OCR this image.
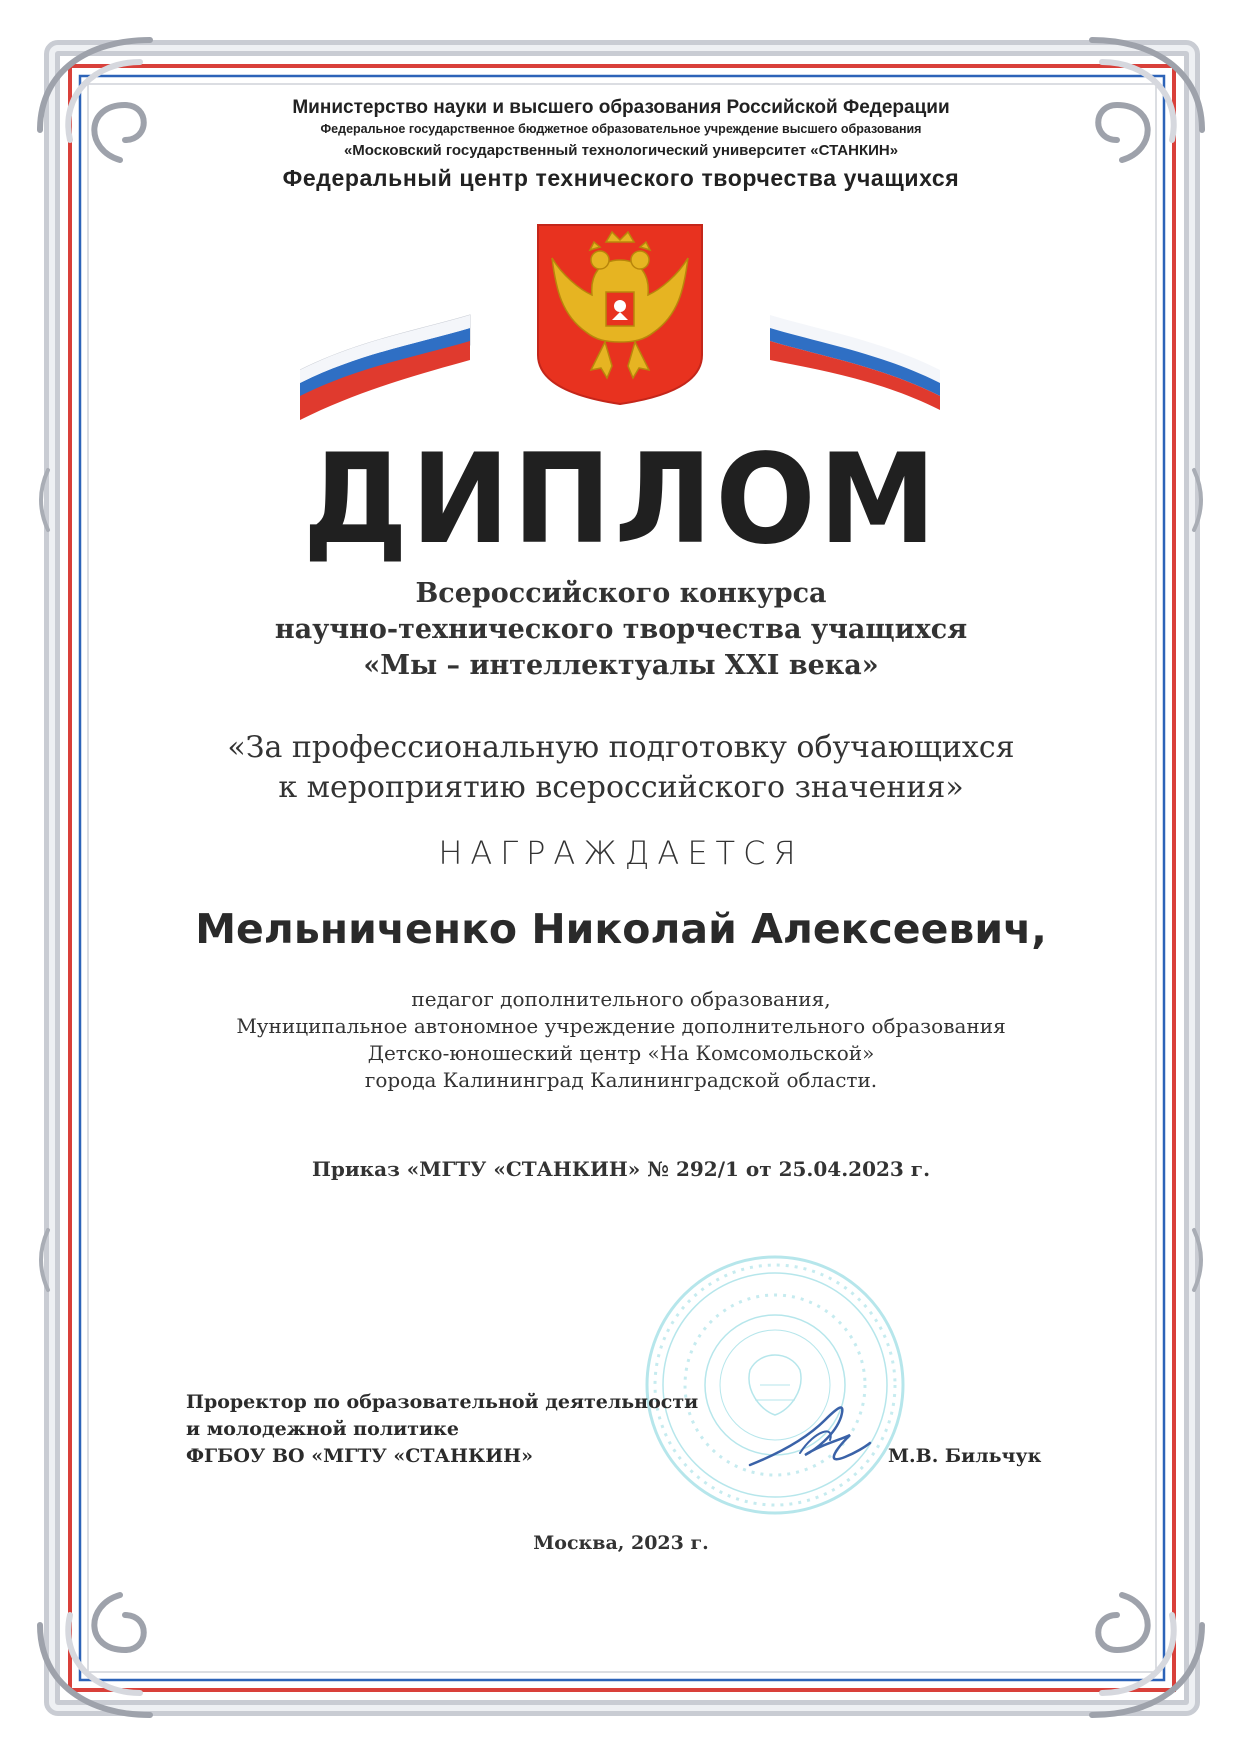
Министерство науки и высшего образования Российской Федерации
Федеральное государственное бюджетное образовательное учреждение высшего образования
«Московский государственный технологический университет «СТАНКИН»
Федеральный центр технического творчества учащихся
ДИПЛОМ
Всероссийского конкурса
научно-технического творчества учащихся
«Мы – интеллектуалы XXI века»
«За профессиональную подготовку обучающихся
к мероприятию всероссийского значения»
НАГРАЖДАЕТСЯ
Мельниченко Николай Алексеевич,
педагог дополнительного образования,
Муниципальное автономное учреждение дополнительного образования
Детско-юношеский центр «На Комсомольской»
города Калининград Калининградской области.
Приказ «МГТУ «СТАНКИН» № 292/1 от 25.04.2023 г.
Проректор по образовательной деятельности
и молодежной политике
ФГБОУ ВО «МГТУ «СТАНКИН»	М.В. Бильчук
Москва, 2023 г.
